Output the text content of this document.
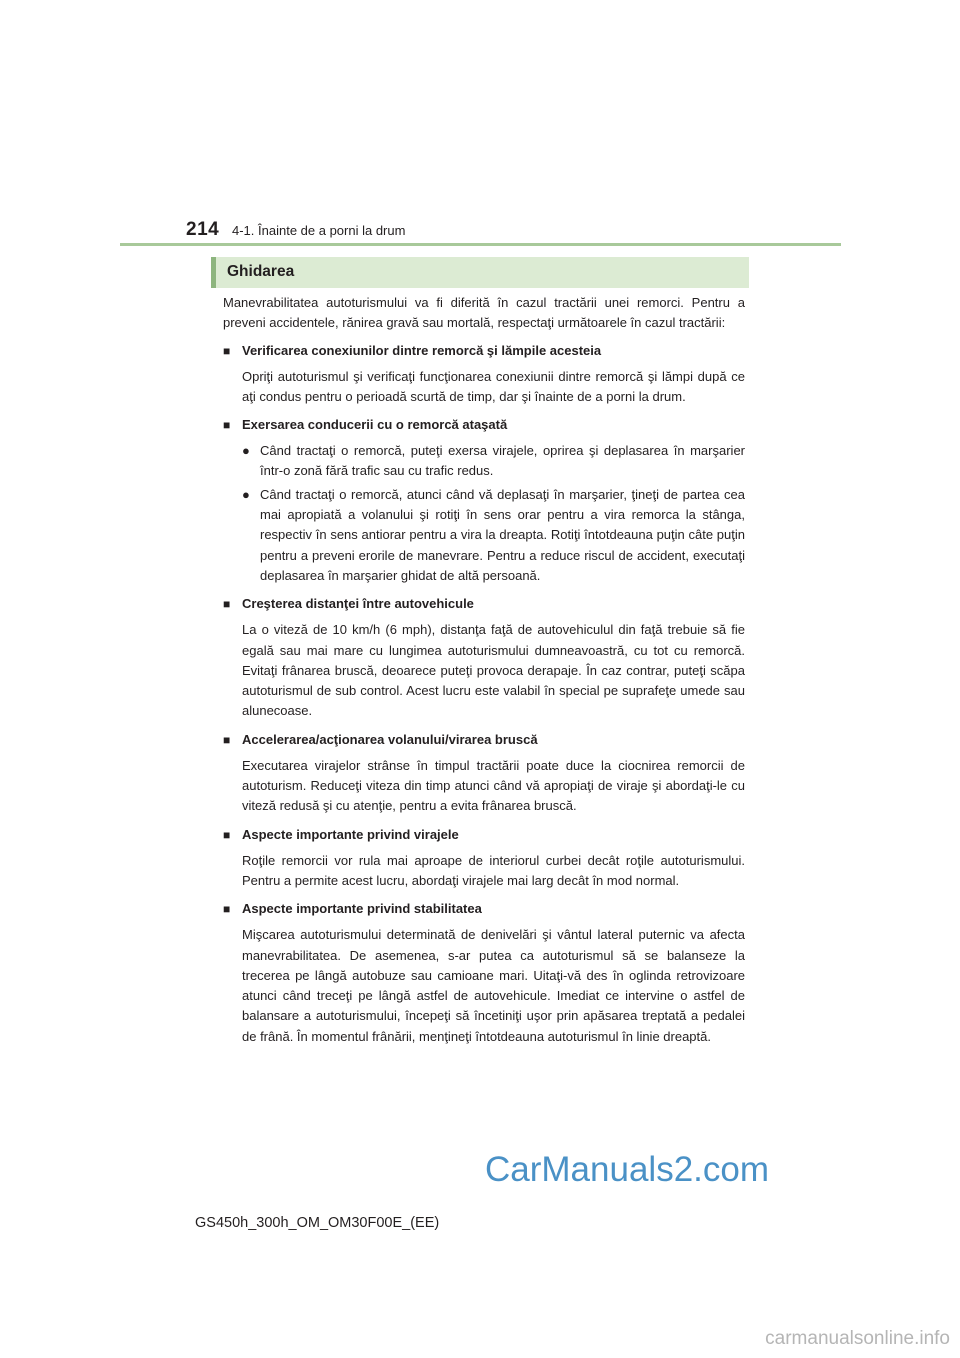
214 4-1. Înainte de a porni la drum
Ghidarea

Manevrabilitatea autoturismului va fi diferită în cazul tractării unei remorci. Pentru a preveni accidentele, rănirea gravă sau mortală, respectaţi următoarele în cazul tractării:

■ Verificarea conexiunilor dintre remorcă şi lămpile acesteia

Opriţi autoturismul şi verificaţi funcţionarea conexiunii dintre remorcă şi lămpi după ce aţi condus pentru o perioadă scurtă de timp, dar şi înainte de a porni la drum.

■ Exersarea conducerii cu o remorcă ataşată
● Când tractaţi o remorcă, puteţi exersa virajele, oprirea şi deplasarea în marşarier într-o zonă fără trafic sau cu trafic redus.
● Când tractaţi o remorcă, atunci când vă deplasaţi în marşarier, ţineţi de partea cea mai apropiată a volanului şi rotiţi în sens orar pentru a vira remorca la stânga, respectiv în sens antiorar pentru a vira la dreapta. Rotiţi întotdeauna puţin câte puţin pentru a preveni erorile de manevrare. Pentru a reduce riscul de accident, executaţi deplasarea în marşarier ghidat de altă persoană.
■ Creşterea distanţei între autovehicule

La o viteză de 10 km/h (6 mph), distanţa faţă de autovehiculul din faţă trebuie să fie egală sau mai mare cu lungimea autoturismului dumneavoastră, cu tot cu remorcă. Evitaţi frânarea bruscă, deoarece puteţi provoca derapaje. În caz contrar, puteţi scăpa autoturismul de sub control. Acest lucru este valabil în special pe suprafeţe umede sau alunecoase.

■ Accelerarea/acţionarea volanului/virarea bruscă

Executarea virajelor strânse în timpul tractării poate duce la ciocnirea remorcii de autoturism. Reduceţi viteza din timp atunci când vă apropiaţi de viraje şi abordaţi-le cu viteză redusă şi cu atenţie, pentru a evita frânarea bruscă.

■ Aspecte importante privind virajele

Roţile remorcii vor rula mai aproape de interiorul curbei decât roţile autoturismului. Pentru a permite acest lucru, abordaţi virajele mai larg decât în mod normal.

■ Aspecte importante privind stabilitatea

Mişcarea autoturismului determinată de denivelări şi vântul lateral puternic va afecta manevrabilitatea. De asemenea, s-ar putea ca autoturismul să se balanseze la trecerea pe lângă autobuze sau camioane mari. Uitaţi-vă des în oglinda retrovizoare atunci când treceţi pe lângă astfel de autovehicule. Imediat ce intervine o astfel de balansare a autoturismului, începeţi să încetiniţi uşor prin apăsarea treptată a pedalei de frână. În momentul frânării, menţineţi întotdeauna autoturismul în linie dreaptă.

CarManuals2.com
GS450h_300h_OM_OM30F00E_(EE)
carmanualsonline.info
